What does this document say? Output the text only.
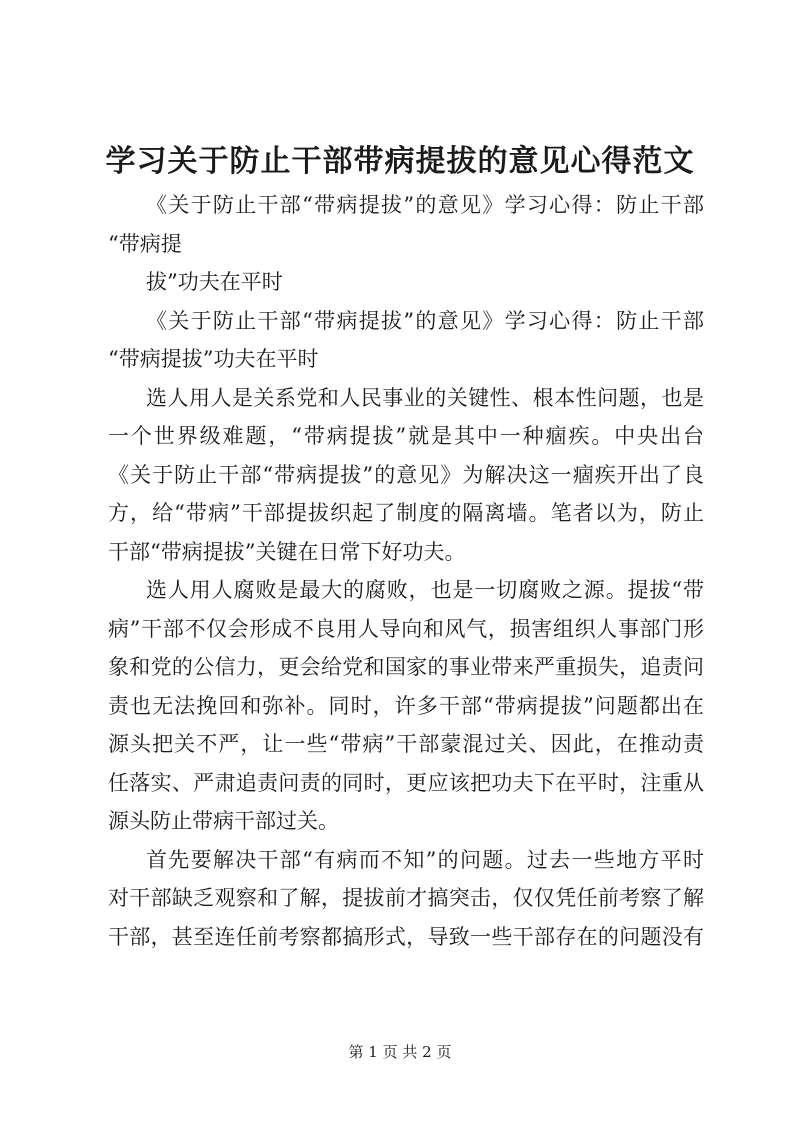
学习关于防止干部带病提拔的意见心得范文
《关于防止干部“带病提拔”的意见》学习心得：防止干部
“带病提
拔”功夫在平时
《关于防止干部“带病提拔”的意见》学习心得：防止干部
“带病提拔”功夫在平时
选人用人是关系党和人民事业的关键性、根本性问题，也是
一个世界级难题，“带病提拔”就是其中一种痼疾。中央出台
《关于防止干部“带病提拔”的意见》为解决这一痼疾开出了良
方，给“带病”干部提拔织起了制度的隔离墙。笔者以为，防止
干部“带病提拔”关键在日常下好功夫。
选人用人腐败是最大的腐败，也是一切腐败之源。提拔“带
病”干部不仅会形成不良用人导向和风气，损害组织人事部门形
象和党的公信力，更会给党和国家的事业带来严重损失，追责问
责也无法挽回和弥补。同时，许多干部“带病提拔”问题都出在
源头把关不严，让一些“带病”干部蒙混过关、因此，在推动责
任落实、严肃追责问责的同时，更应该把功夫下在平时，注重从
源头防止带病干部过关。
首先要解决干部“有病而不知”的问题。过去一些地方平时
对干部缺乏观察和了解，提拔前才搞突击，仅仅凭任前考察了解
干部，甚至连任前考察都搞形式，导致一些干部存在的问题没有
第 1 页 共 2 页
